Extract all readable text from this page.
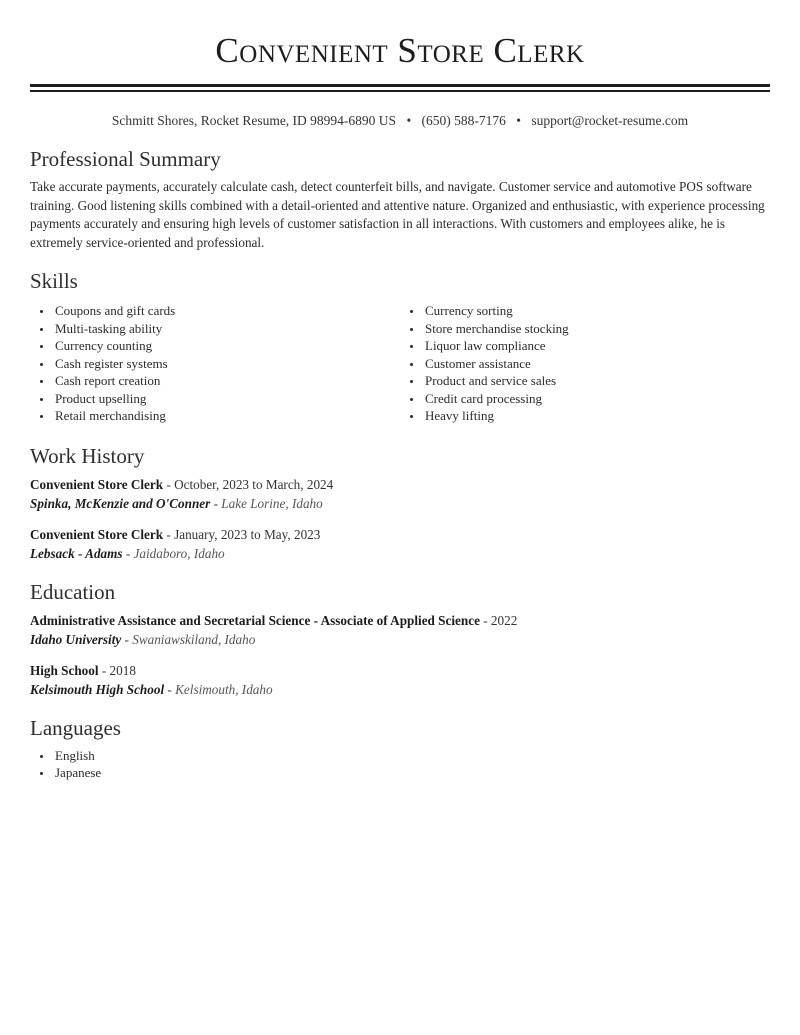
Convenient Store Clerk
Schmitt Shores, Rocket Resume, ID 98994-6890 US • (650) 588-7176 • support@rocket-resume.com
Professional Summary

Take accurate payments, accurately calculate cash, detect counterfeit bills, and navigate. Customer service and automotive POS software training. Good listening skills combined with a detail-oriented and attentive nature. Organized and enthusiastic, with experience processing payments accurately and ensuring high levels of customer satisfaction in all interactions. With customers and employees alike, he is extremely service-oriented and professional.

Skills
• Coupons and gift cards
• Multi-tasking ability
• Currency counting
• Cash register systems
• Cash report creation
• Product upselling
• Retail merchandising
• Currency sorting
• Store merchandise stocking
• Liquor law compliance
• Customer assistance
• Product and service sales
• Credit card processing
• Heavy lifting
Work History
Convenient Store Clerk - October, 2023 to March, 2024
Spinka, McKenzie and O'Conner - Lake Lorine, Idaho
Convenient Store Clerk - January, 2023 to May, 2023
Lebsack - Adams - Jaidaboro, Idaho
Education
Administrative Assistance and Secretarial Science - Associate of Applied Science - 2022
Idaho University - Swaniawskiland, Idaho
High School - 2018
Kelsimouth High School - Kelsimouth, Idaho
Languages
• English
• Japanese
